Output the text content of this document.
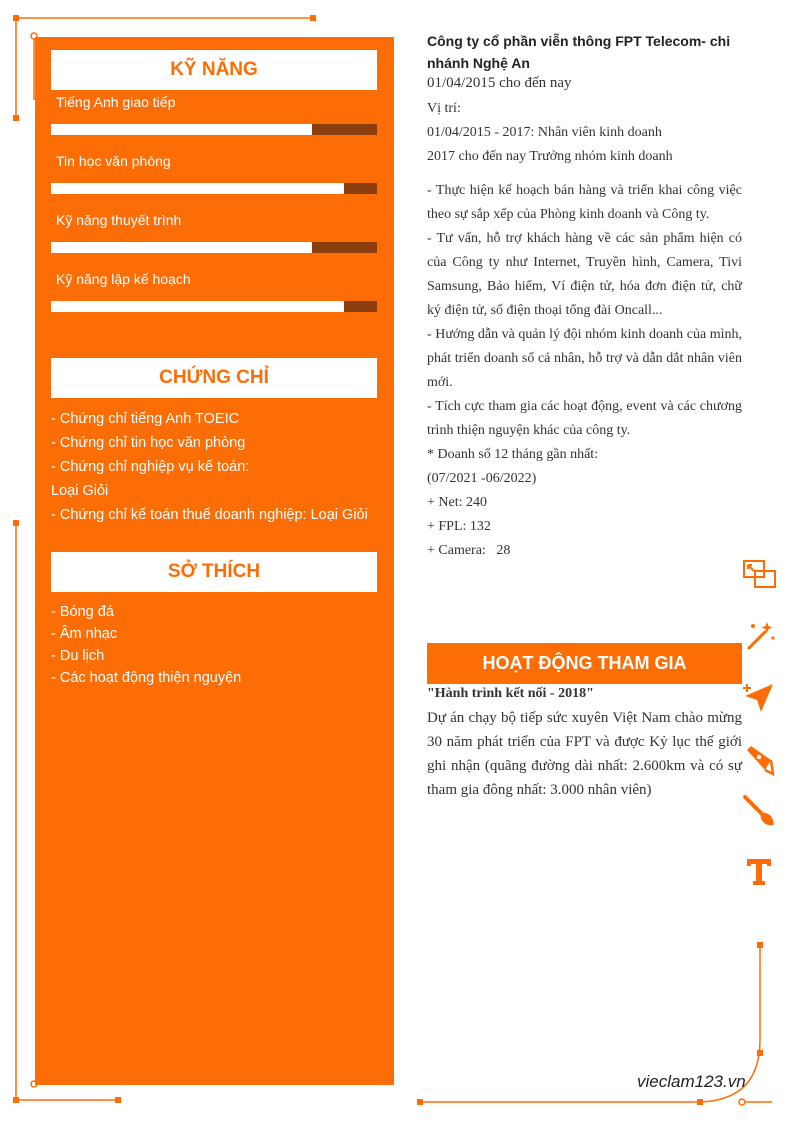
KỸ NĂNG
Tiếng Anh giao tiếp
Tin học văn phòng
Kỹ năng thuyết trình
Kỹ năng lập kế hoạch
CHỨNG CHỈ
- Chứng chỉ tiếng Anh TOEIC
- Chứng chỉ tin học văn phòng
- Chứng chỉ nghiệp vụ kế toán:
Loại Giỏi
- Chứng chỉ kế toán thuế doanh nghiệp: Loại Giỏi
SỞ THÍCH
- Bóng đá
- Âm nhạc
- Du lịch
- Các hoạt động thiện nguyện
Công ty cổ phần viễn thông FPT Telecom- chi nhánh Nghệ An
01/04/2015 cho đến nay
Vị trí:
01/04/2015 - 2017: Nhân viên kinh doanh
2017 cho đến nay Trưởng nhóm kinh doanh
- Thực hiện kế hoạch bán hàng và triển khai công việc theo sự sắp xếp của Phòng kinh doanh và Công ty.
- Tư vấn, hỗ trợ khách hàng về các sản phẩm hiện có của Công ty như Internet, Truyền hình, Camera, Tivi Samsung, Bảo hiểm, Ví điện tử, hóa đơn điện tử, chữ ký điện tử, số điện thoại tổng đài Oncall...
- Hướng dẫn và quản lý đội nhóm kinh doanh của mình, phát triển doanh số cá nhân, hỗ trợ và dẫn dắt nhân viên mới.
- Tích cực tham gia các hoạt động, event và các chương trình thiện nguyện khác của công ty.
* Doanh số 12 tháng gần nhất:
(07/2021 -06/2022)
+ Net: 240
+ FPL: 132
+ Camera:   28
HOẠT ĐỘNG THAM GIA
"Hành trình kết nối - 2018"
Dự án chạy bộ tiếp sức xuyên Việt Nam chào mừng 30 năm phát triển của FPT và được Kỷ lục thế giới ghi nhận (quãng đường dài nhất: 2.600km và có sự tham gia đông nhất: 3.000 nhân viên)
vieclam123.vn
